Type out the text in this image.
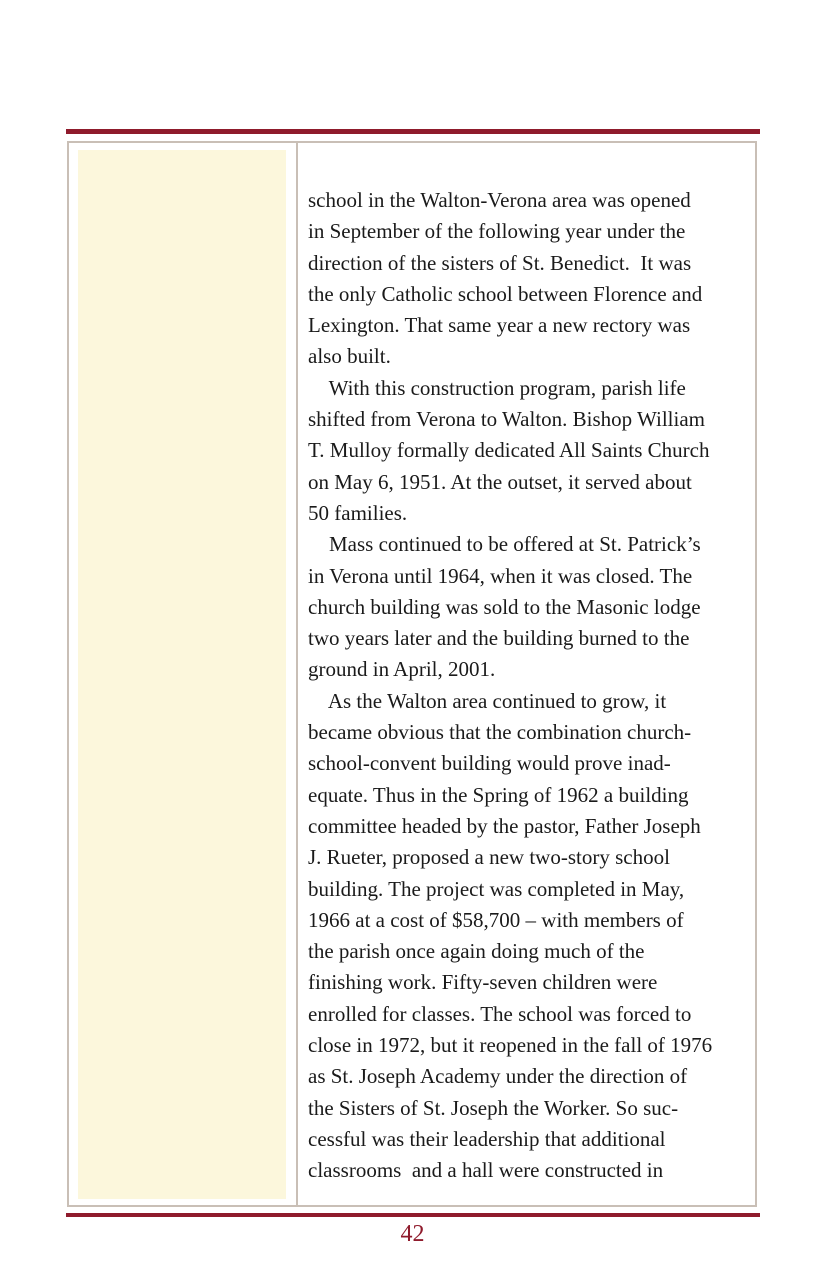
school in the Walton-Verona area was opened
in September of the following year under the
direction of the sisters of St. Benedict.  It was
the only Catholic school between Florence and
Lexington. That same year a new rectory was
also built.
With this construction program, parish life
shifted from Verona to Walton. Bishop William
T. Mulloy formally dedicated All Saints Church
on May 6, 1951. At the outset, it served about
50 families.
Mass continued to be offered at St. Patrick’s
in Verona until 1964, when it was closed. The
church building was sold to the Masonic lodge
two years later and the building burned to the
ground in April, 2001.
As the Walton area continued to grow, it
became obvious that the combination church-
school-convent building would prove inad-
equate. Thus in the Spring of 1962 a building
committee headed by the pastor, Father Joseph
J. Rueter, proposed a new two-story school
building. The project was completed in May,
1966 at a cost of $58,700 – with members of
the parish once again doing much of the
finishing work. Fifty-seven children were
enrolled for classes. The school was forced to
close in 1972, but it reopened in the fall of 1976
as St. Joseph Academy under the direction of
the Sisters of St. Joseph the Worker. So suc-
cessful was their leadership that additional
classrooms  and a hall were constructed in
42
